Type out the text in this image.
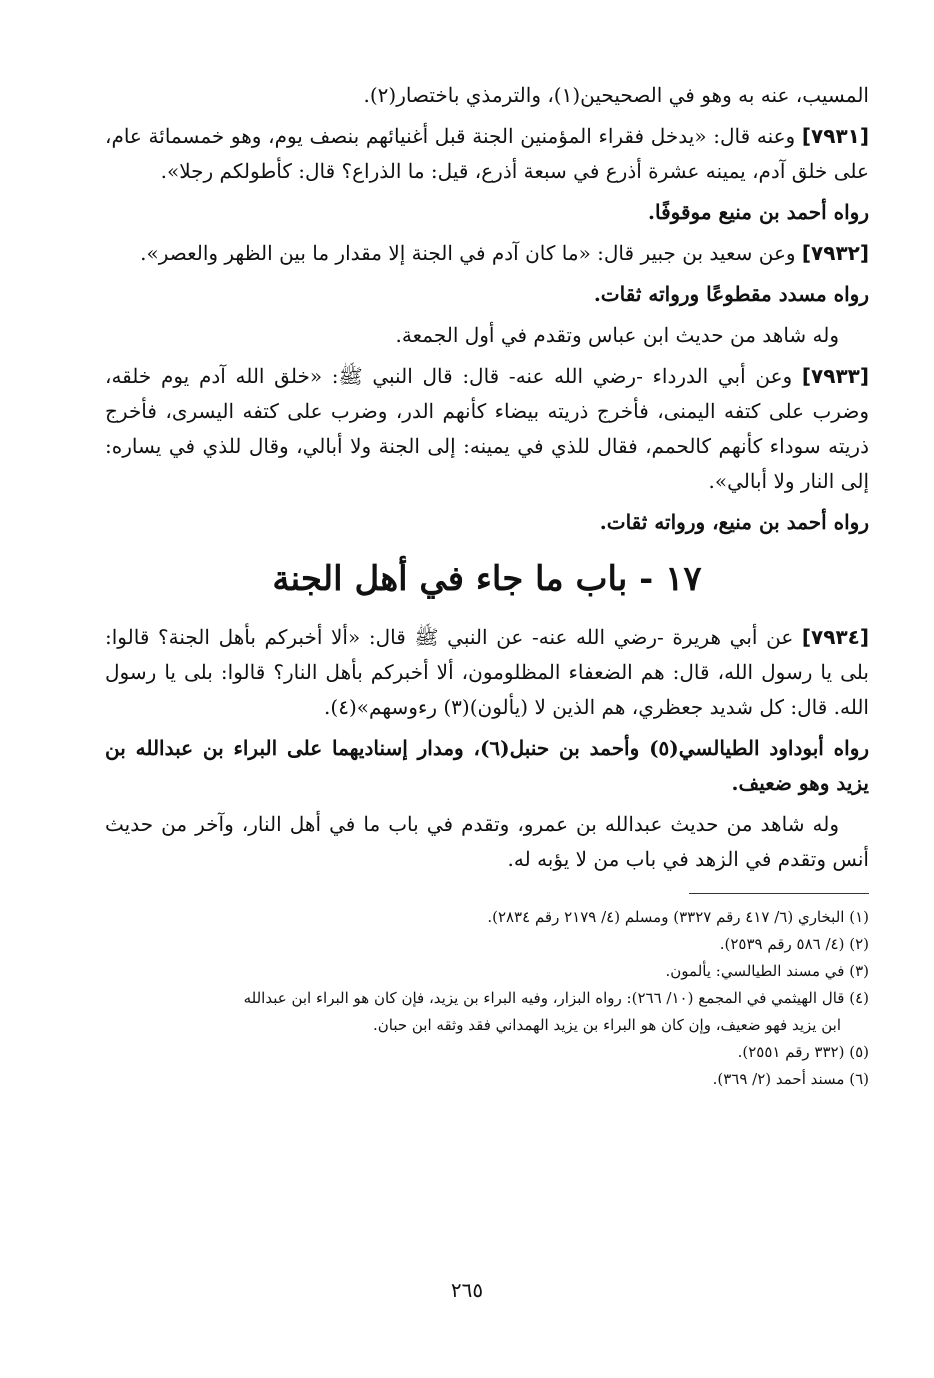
المسيب، عنه به وهو في الصحيحين(١)، والترمذي باختصار(٢).

[٧٩٣١] وعنه قال: «يدخل فقراء المؤمنين الجنة قبل أغنيائهم بنصف يوم، وهو خمسمائة عام، على خلق آدم، يمينه عشرة أذرع في سبعة أذرع، قيل: ما الذراع؟ قال: كأطولكم رجلا».

رواه أحمد بن منيع موقوفًا.

[٧٩٣٢] وعن سعيد بن جبير قال: «ما كان آدم في الجنة إلا مقدار ما بين الظهر والعصر».

رواه مسدد مقطوعًا ورواته ثقات.

وله شاهد من حديث ابن عباس وتقدم في أول الجمعة.

[٧٩٣٣] وعن أبي الدرداء -رضي الله عنه- قال: قال النبي ﷺ: «خلق الله آدم يوم خلقه، وضرب على كتفه اليمنى، فأخرج ذريته بيضاء كأنهم الدر، وضرب على كتفه اليسرى، فأخرج ذريته سوداء كأنهم كالحمم، فقال للذي في يمينه: إلى الجنة ولا أبالي، وقال للذي في يساره: إلى النار ولا أبالي».

رواه أحمد بن منيع، ورواته ثقات.

١٧ - باب ما جاء في أهل الجنة

[٧٩٣٤] عن أبي هريرة -رضي الله عنه- عن النبي ﷺ قال: «ألا أخبركم بأهل الجنة؟ قالوا: بلى يا رسول الله، قال: هم الضعفاء المظلومون، ألا أخبركم بأهل النار؟ قالوا: بلى يا رسول الله. قال: كل شديد جعظري، هم الذين لا (يألون)(٣) رءوسهم»(٤).

رواه أبوداود الطيالسي(٥) وأحمد بن حنبل(٦)، ومدار إسناديهما على البراء بن عبدالله بن يزيد وهو ضعيف.

وله شاهد من حديث عبدالله بن عمرو، وتقدم في باب ما في أهل النار، وآخر من حديث أنس وتقدم في الزهد في باب من لا يؤبه له.

(١) البخاري (٦/ ٤١٧ رقم ٣٣٢٧) ومسلم (٤/ ٢١٧٩ رقم ٢٨٣٤).

(٢) (٤/ ٥٨٦ رقم ٢٥٣٩).

(٣) في مسند الطيالسي: يألمون.

(٤) قال الهيثمي في المجمع (١٠/ ٢٦٦): رواه البزار، وفيه البراء بن يزيد، فإن كان هو البراء ابن عبدالله

ابن يزيد فهو ضعيف، وإن كان هو البراء بن يزيد الهمداني فقد وثقه ابن حبان.

(٥) (٣٣٢ رقم ٢٥٥١).

(٦) مسند أحمد (٢/ ٣٦٩).

٢٦٥
